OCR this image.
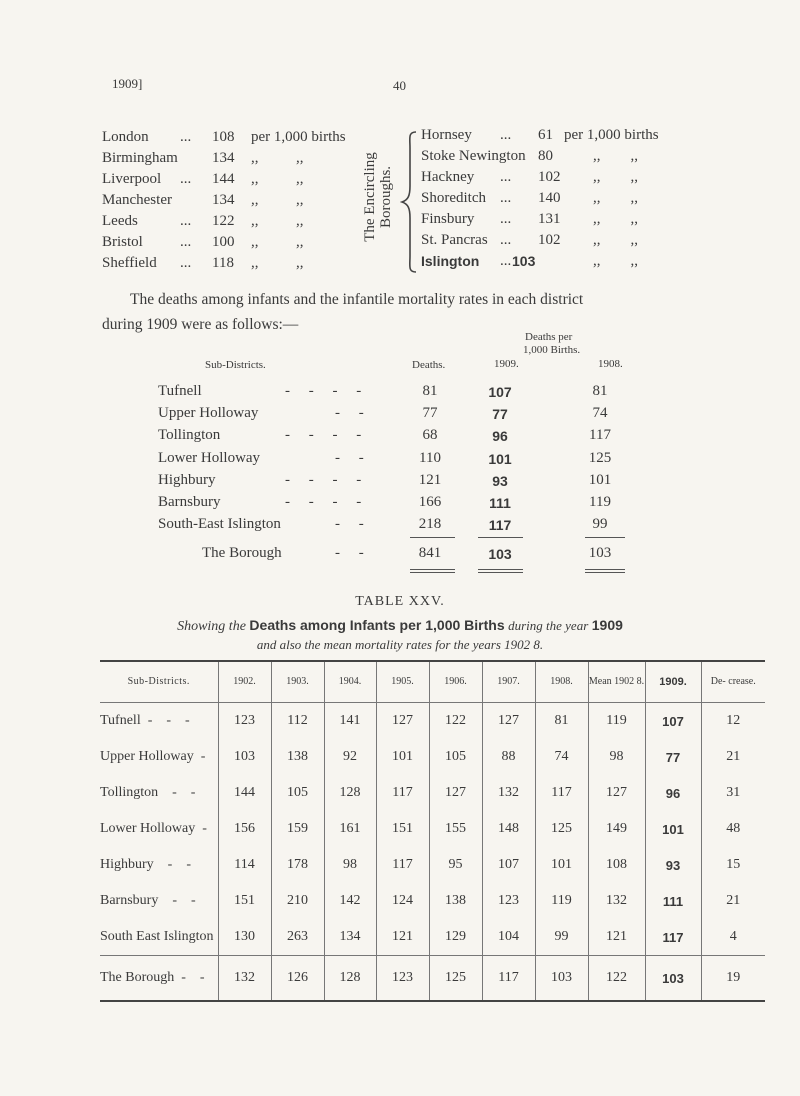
1909]	40
London ... 108 per 1,000 births
Birmingham 134 ,,          ,,
Liverpool ... 144 ,,          ,,
Manchester	134 ,,          ,,
Leeds	... 122 ,,          ,,
Bristol ... 100 ,,          ,,
Sheffield ... 118 ,,          ,,
The Encircling Boroughs.
Hornsey ... 61 per 1,000 births
Stoke Newington 80	,,        ,,
Hackney ... 102 ,,        ,,
Shoreditch ... 140 ,,        ,,
Finsbury ... 131 ,,        ,,
St. Pancras ... 102 ,,        ,,
Islington ... 103	,,        ,,
The deaths among infants and the infantile mortality rates in each district
during 1909 were as follows:—
Deaths per
1,000 Births.
Sub-Districts.	Deaths.	1909.	1908.
Tufnell	-     -     -     -	81	107	81
Upper Holloway	-     -	77	77	74
Tollington	-     -     -     -	68	96	117
Lower Holloway	-     -	110	101	125
Highbury	-     -     -     -	121	93	101
Barnsbury	-     -     -     -	166	111	119
South-East Islington	-     -	218	117	99
The Borough	-     -	841	103	103
TABLE XXV.
Showing the Deaths among Infants per 1,000 Births during the year 1909
and also the mean mortality rates for the years 1902 8.
Sub-Districts.	1902.	1903.	1904.	1905.	1906.	1907.	1908.	Mean 1902 8.	1909.	De- crease.
Tufnell  -    -    -	123	112	141	127	122	127	81	119	107	12
Upper Holloway  -	103	138	92	101	105	88	74	98	77	21
Tollington    -    -	144	105	128	117	127	132	117	127	96	31
Lower Holloway  -	156	159	161	151	155	148	125	149	101	48
Highbury    -    -	114	178	98	117	95	107	101	108	93	15
Barnsbury    -    -	151	210	142	124	138	123	119	132	111	21
South East Islington	130	263	134	121	129	104	99	121	117	4
The Borough  -    -	132	126	128	123	125	117	103	122	103	19
